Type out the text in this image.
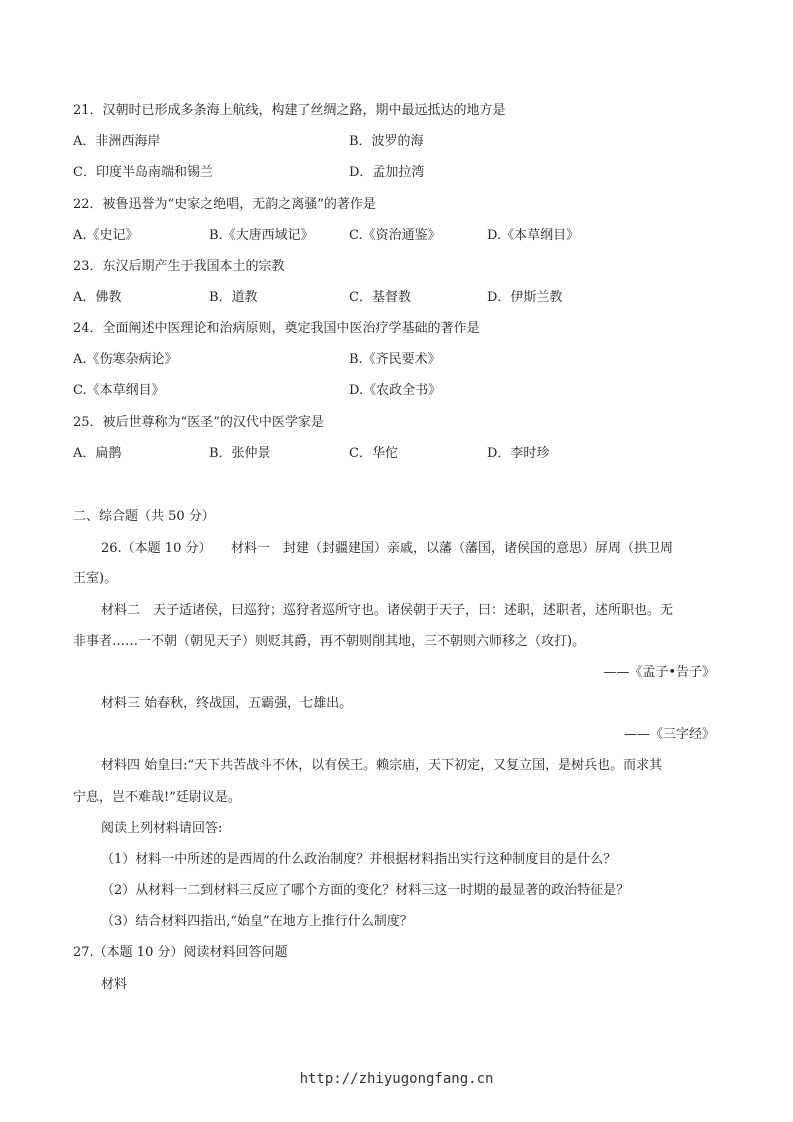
21．汉朝时已形成多条海上航线，构建了丝绸之路，期中最远抵达的地方是
A．非洲西海岸	B．波罗的海
C．印度半岛南端和锡兰	D．孟加拉湾
22．被鲁迅誉为“史家之绝唱，无韵之离骚”的著作是
A.《史记》	B.《大唐西域记》	C.《资治通鉴》	D.《本草纲目》
23．东汉后期产生于我国本土的宗教
A．佛教	B．道教	C．基督教	D．伊斯兰教
24．全面阐述中医理论和治病原则，奠定我国中医治疗学基础的著作是
A.《伤寒杂病论》	B.《齐民要术》
C.《本草纲目》	D.《农政全书》
25．被后世尊称为“医圣”的汉代中医学家是
A．扁鹊	B．张仲景	C．华佗	D．李时珍
二、综合题（共 50 分）
26.（本题 10 分）　　材料一　封建（封疆建国）亲戚，以藩（藩国，诸侯国的意思）屏周（拱卫周
王室)。
材料二　天子适诸侯，曰巡狩；巡狩者巡所守也。诸侯朝于天子，曰：述职，述职者，述所职也。无
非事者……一不朝（朝见天子）则贬其爵，再不朝则削其地，三不朝则六师移之（攻打)。
——《孟子•告子》
材料三 始春秋，终战国，五霸强，七雄出。
——《三字经》
材料四 始皇曰:“天下共苦战斗不休，以有侯王。赖宗庙，天下初定，又复立国，是树兵也。而求其
宁息，岂不难哉!”廷尉议是。
阅读上列材料请回答:
（1）材料一中所述的是西周的什么政治制度？并根据材料指出实行这种制度目的是什么？
（2）从材料一二到材料三反应了哪个方面的变化？材料三这一时期的最显著的政治特征是？
（3）结合材料四指出,“始皇”在地方上推行什么制度？
27.（本题 10 分）阅读材料回答问题
材料
http://zhiyugongfang.cn
